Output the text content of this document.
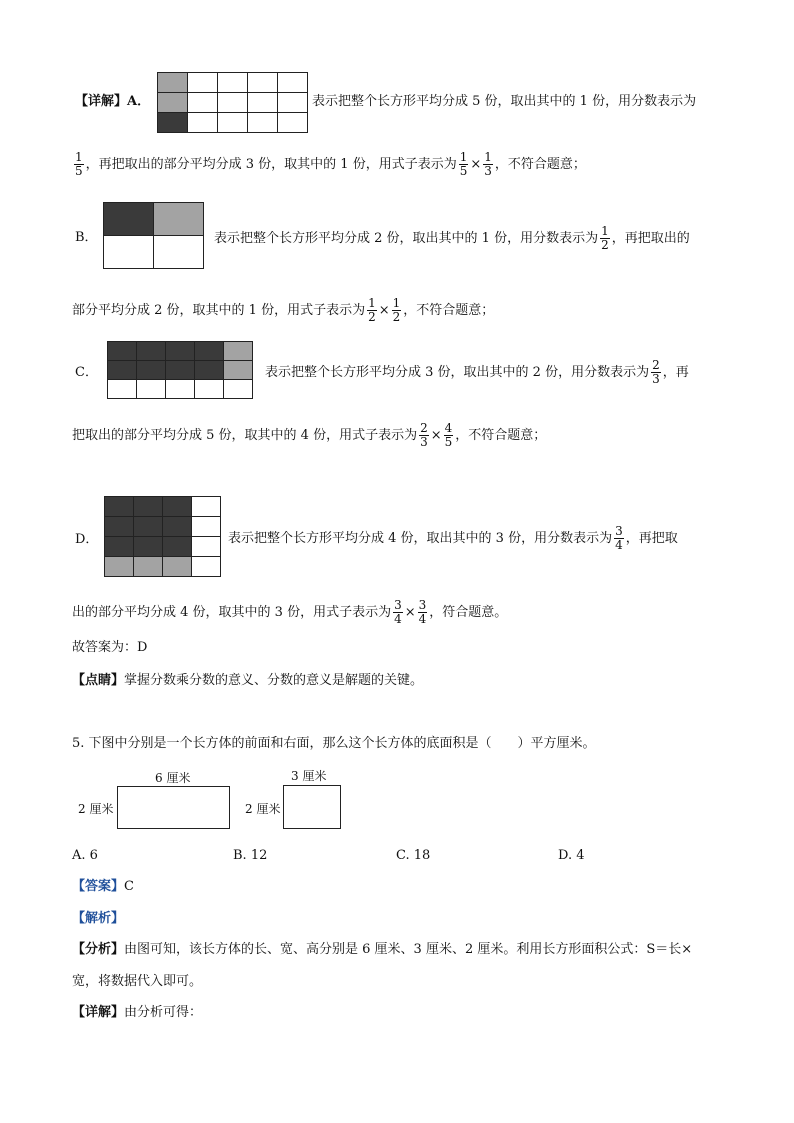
【详解】A．

					表示把整个长方形平均分成 5 份，取出其中的 1 份，用分数表示为
$\frac{1}{5}$ ，再把取出的部分平均分成 3 份，取其中的 1 份，用式子表示为 $\frac{1}{5} \times \frac{1}{3}$ ，不符合题意；
B．

		表示把整个长方形平均分成 2 份，取出其中的 1 份，用分数表示为 $\frac{1}{2}$ ，再把取出的
部分平均分成 2 份，取其中的 1 份，用式子表示为 $\frac{1}{2} \times \frac{1}{2}$ ，不符合题意；
C．

					表示把整个长方形平均分成 3 份，取出其中的 2 份，用分数表示为 $\frac{2}{3}$ ，再
把取出的部分平均分成 5 份，取其中的 4 份，用式子表示为 $\frac{2}{3} \times \frac{4}{5}$ ，不符合题意；
D．

				表示把整个长方形平均分成 4 份，取出其中的 3 份，用分数表示为 $\frac{3}{4}$ ，再把取
出的部分平均分成 4 份，取其中的 3 份，用式子表示为 $\frac{3}{4} \times \frac{3}{4}$ ，符合题意。
故答案为：D
【点睛】掌握分数乘分数的意义、分数的意义是解题的关键。
5. 下图中分别是一个长方体的前面和右面，那么这个长方体的底面积是（　　）平方厘米。
6 厘米
2 厘米
3 厘米
2 厘米
A. 6	B. 12	C. 18	D. 4
【答案】C
【解析】
【分析】由图可知，该长方体的长、宽、高分别是 6 厘米、3 厘米、2 厘米。利用长方形面积公式：S＝长×
宽，将数据代入即可。
【详解】由分析可得：
